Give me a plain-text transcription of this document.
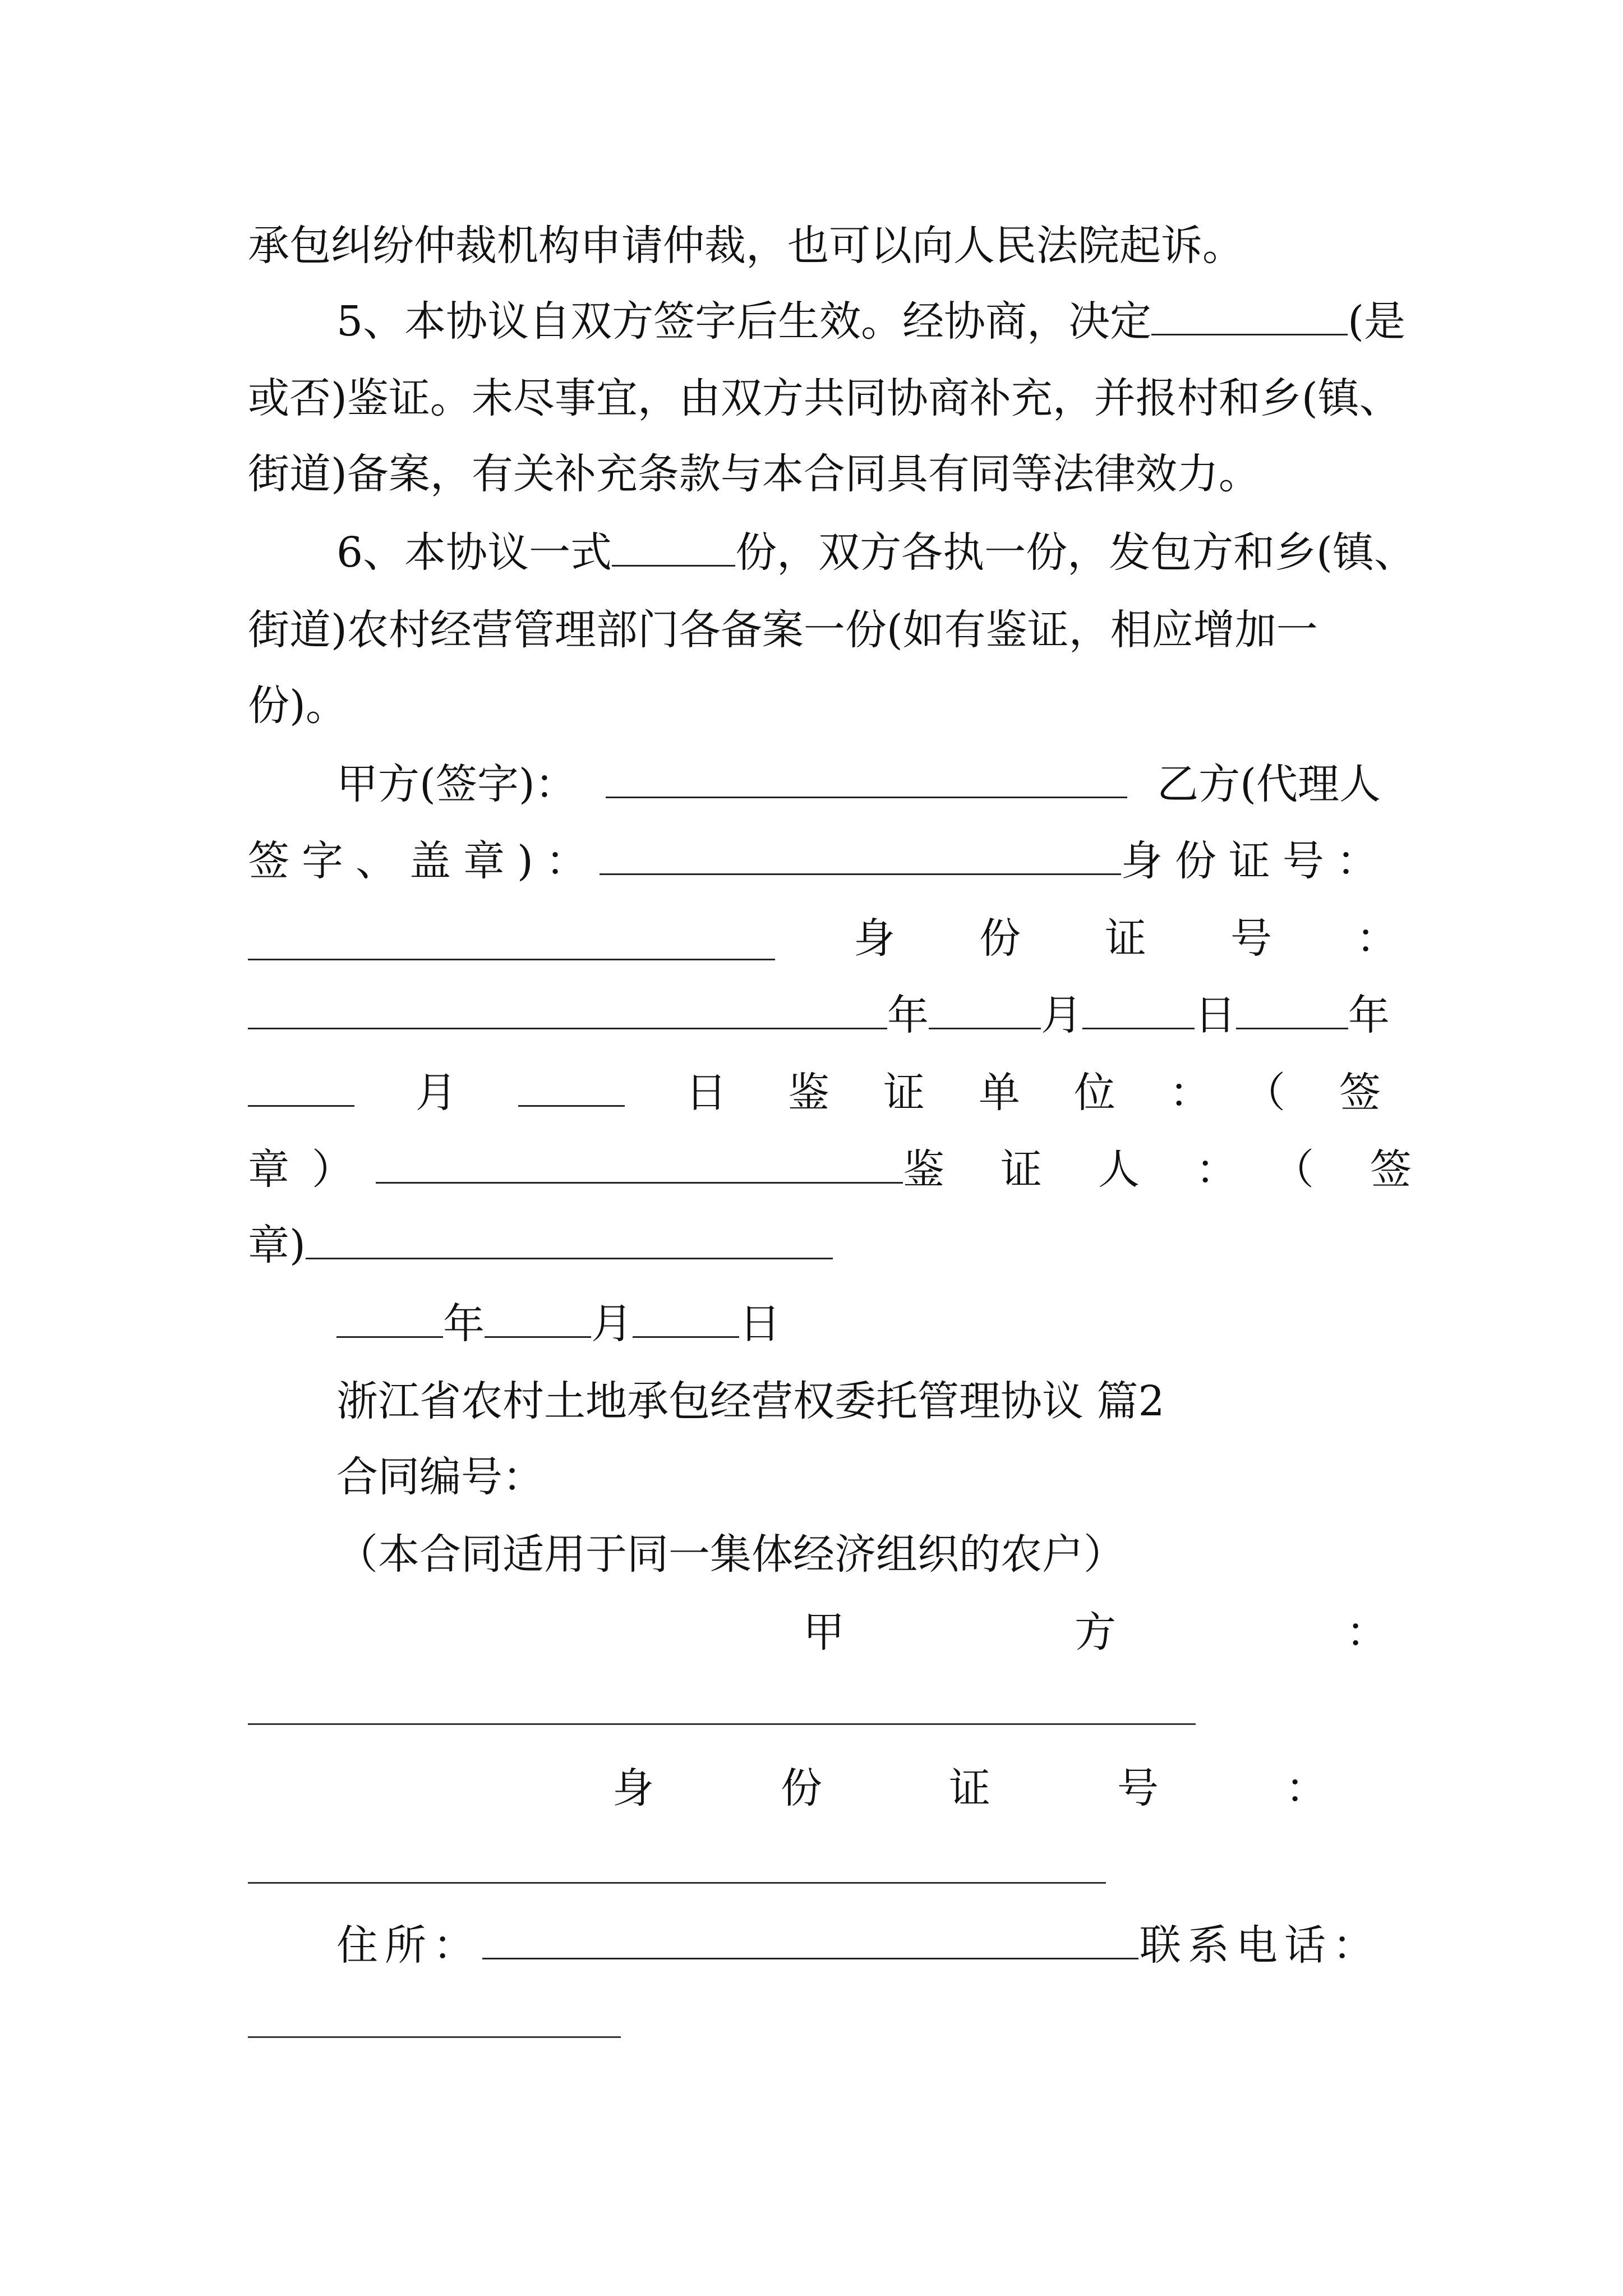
承包纠纷仲裁机构申请仲裁，也可以向人民法院起诉。
5、本协议自双方签字后生效。经协商，决定	(是
或否)鉴证。未尽事宜，由双方共同协商补充，并报村和乡(镇、
街道)备案，有关补充条款与本合同具有同等法律效力。
6、本协议一式	份，双方各执一份，发包方和乡(镇、
街道)农村经营管理部门各备案一份(如有鉴证，相应增加一
份)。
甲方(签字)：	乙方(代理人
签字、盖章)：	身份证号：
身份证号：
年	月	日	年
月	日 鉴证单位：（签
章）	鉴证人：（签
章)
年	月	日
浙江省农村土地承包经营权委托管理协议 篇2
合同编号：
（本合同适用于同一集体经济组织的农户）
甲方：
身份证号：
住所：	联系电话：
